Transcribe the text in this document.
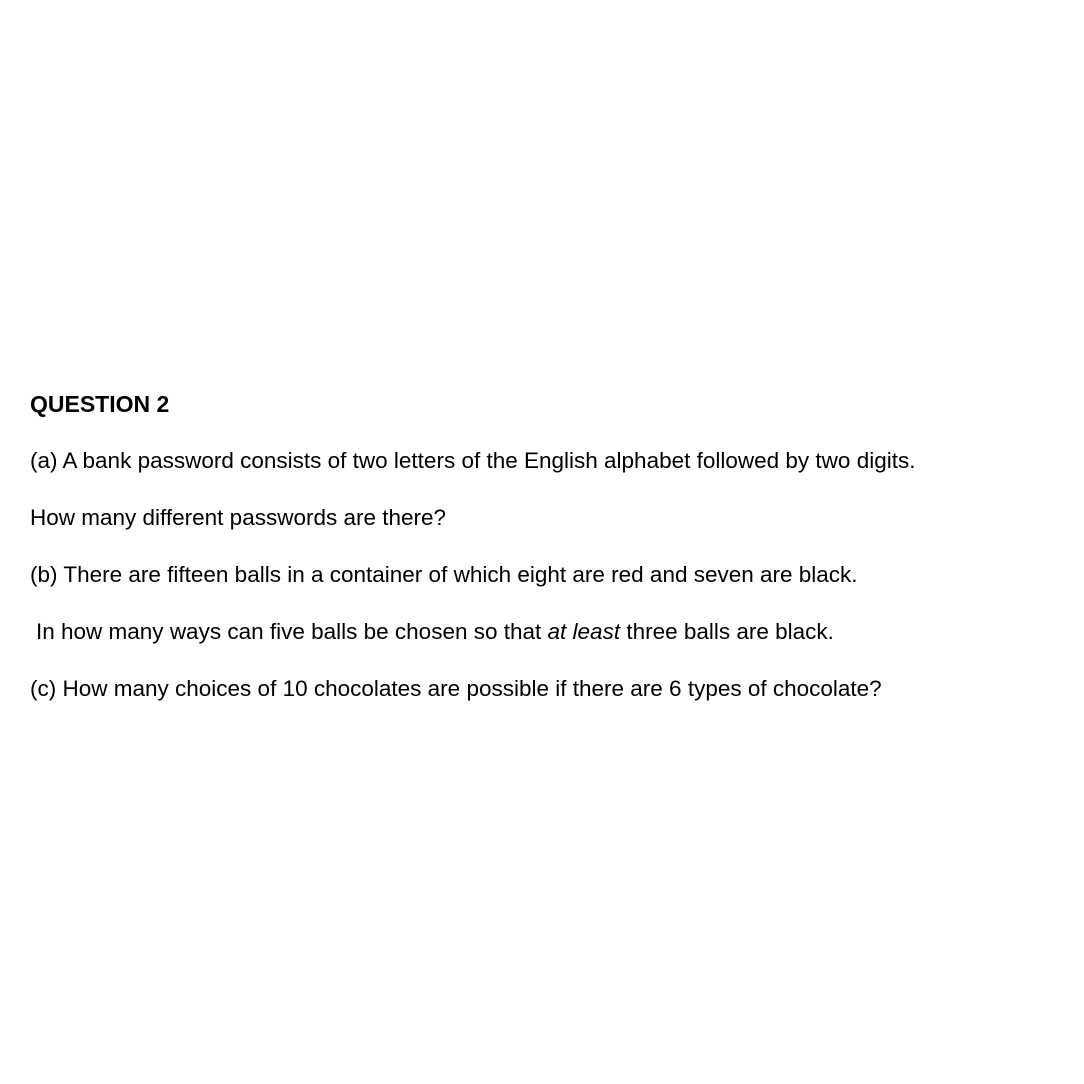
QUESTION 2
(a) A bank password consists of two letters of the English alphabet followed by two digits.
How many different passwords are there?
(b) There are fifteen balls in a container of which eight are red and seven are black.
In how many ways can five balls be chosen so that at least three balls are black.
(c) How many choices of 10 chocolates are possible if there are 6 types of chocolate?
